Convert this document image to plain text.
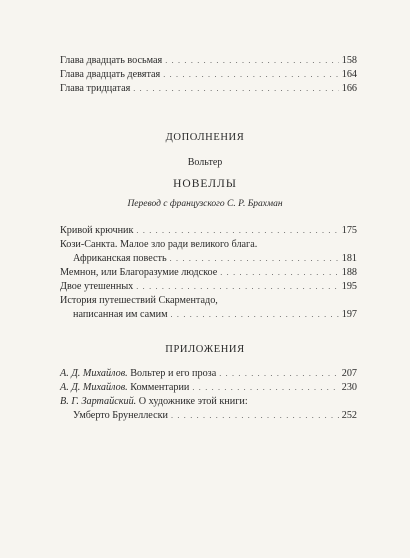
Глава двадцать восьмая . . .	158
Глава двадцать девятая . . .	164
Глава тридцатая . . .	166
ДОПОЛНЕНИЯ
Вольтер
НОВЕЛЛЫ
Перевод с французского С. Р. Брахман
Кривой крючник . . .	175
Кози-Санкта. Малое зло ради великого блага.
Африканская повесть . . .	181
Мемнон, или Благоразумие людское . . .	188
Двое утешенных . . .	195
История путешествий Скарментадо,
написанная им самим . . .	197
ПРИЛОЖЕНИЯ
А. Д. Михайлов. Вольтер и его проза . . .	207
А. Д. Михайлов. Комментарии . . .	230
В. Г. Зартайский. О художнике этой книги:
Умберто Брунеллески . . .	252
